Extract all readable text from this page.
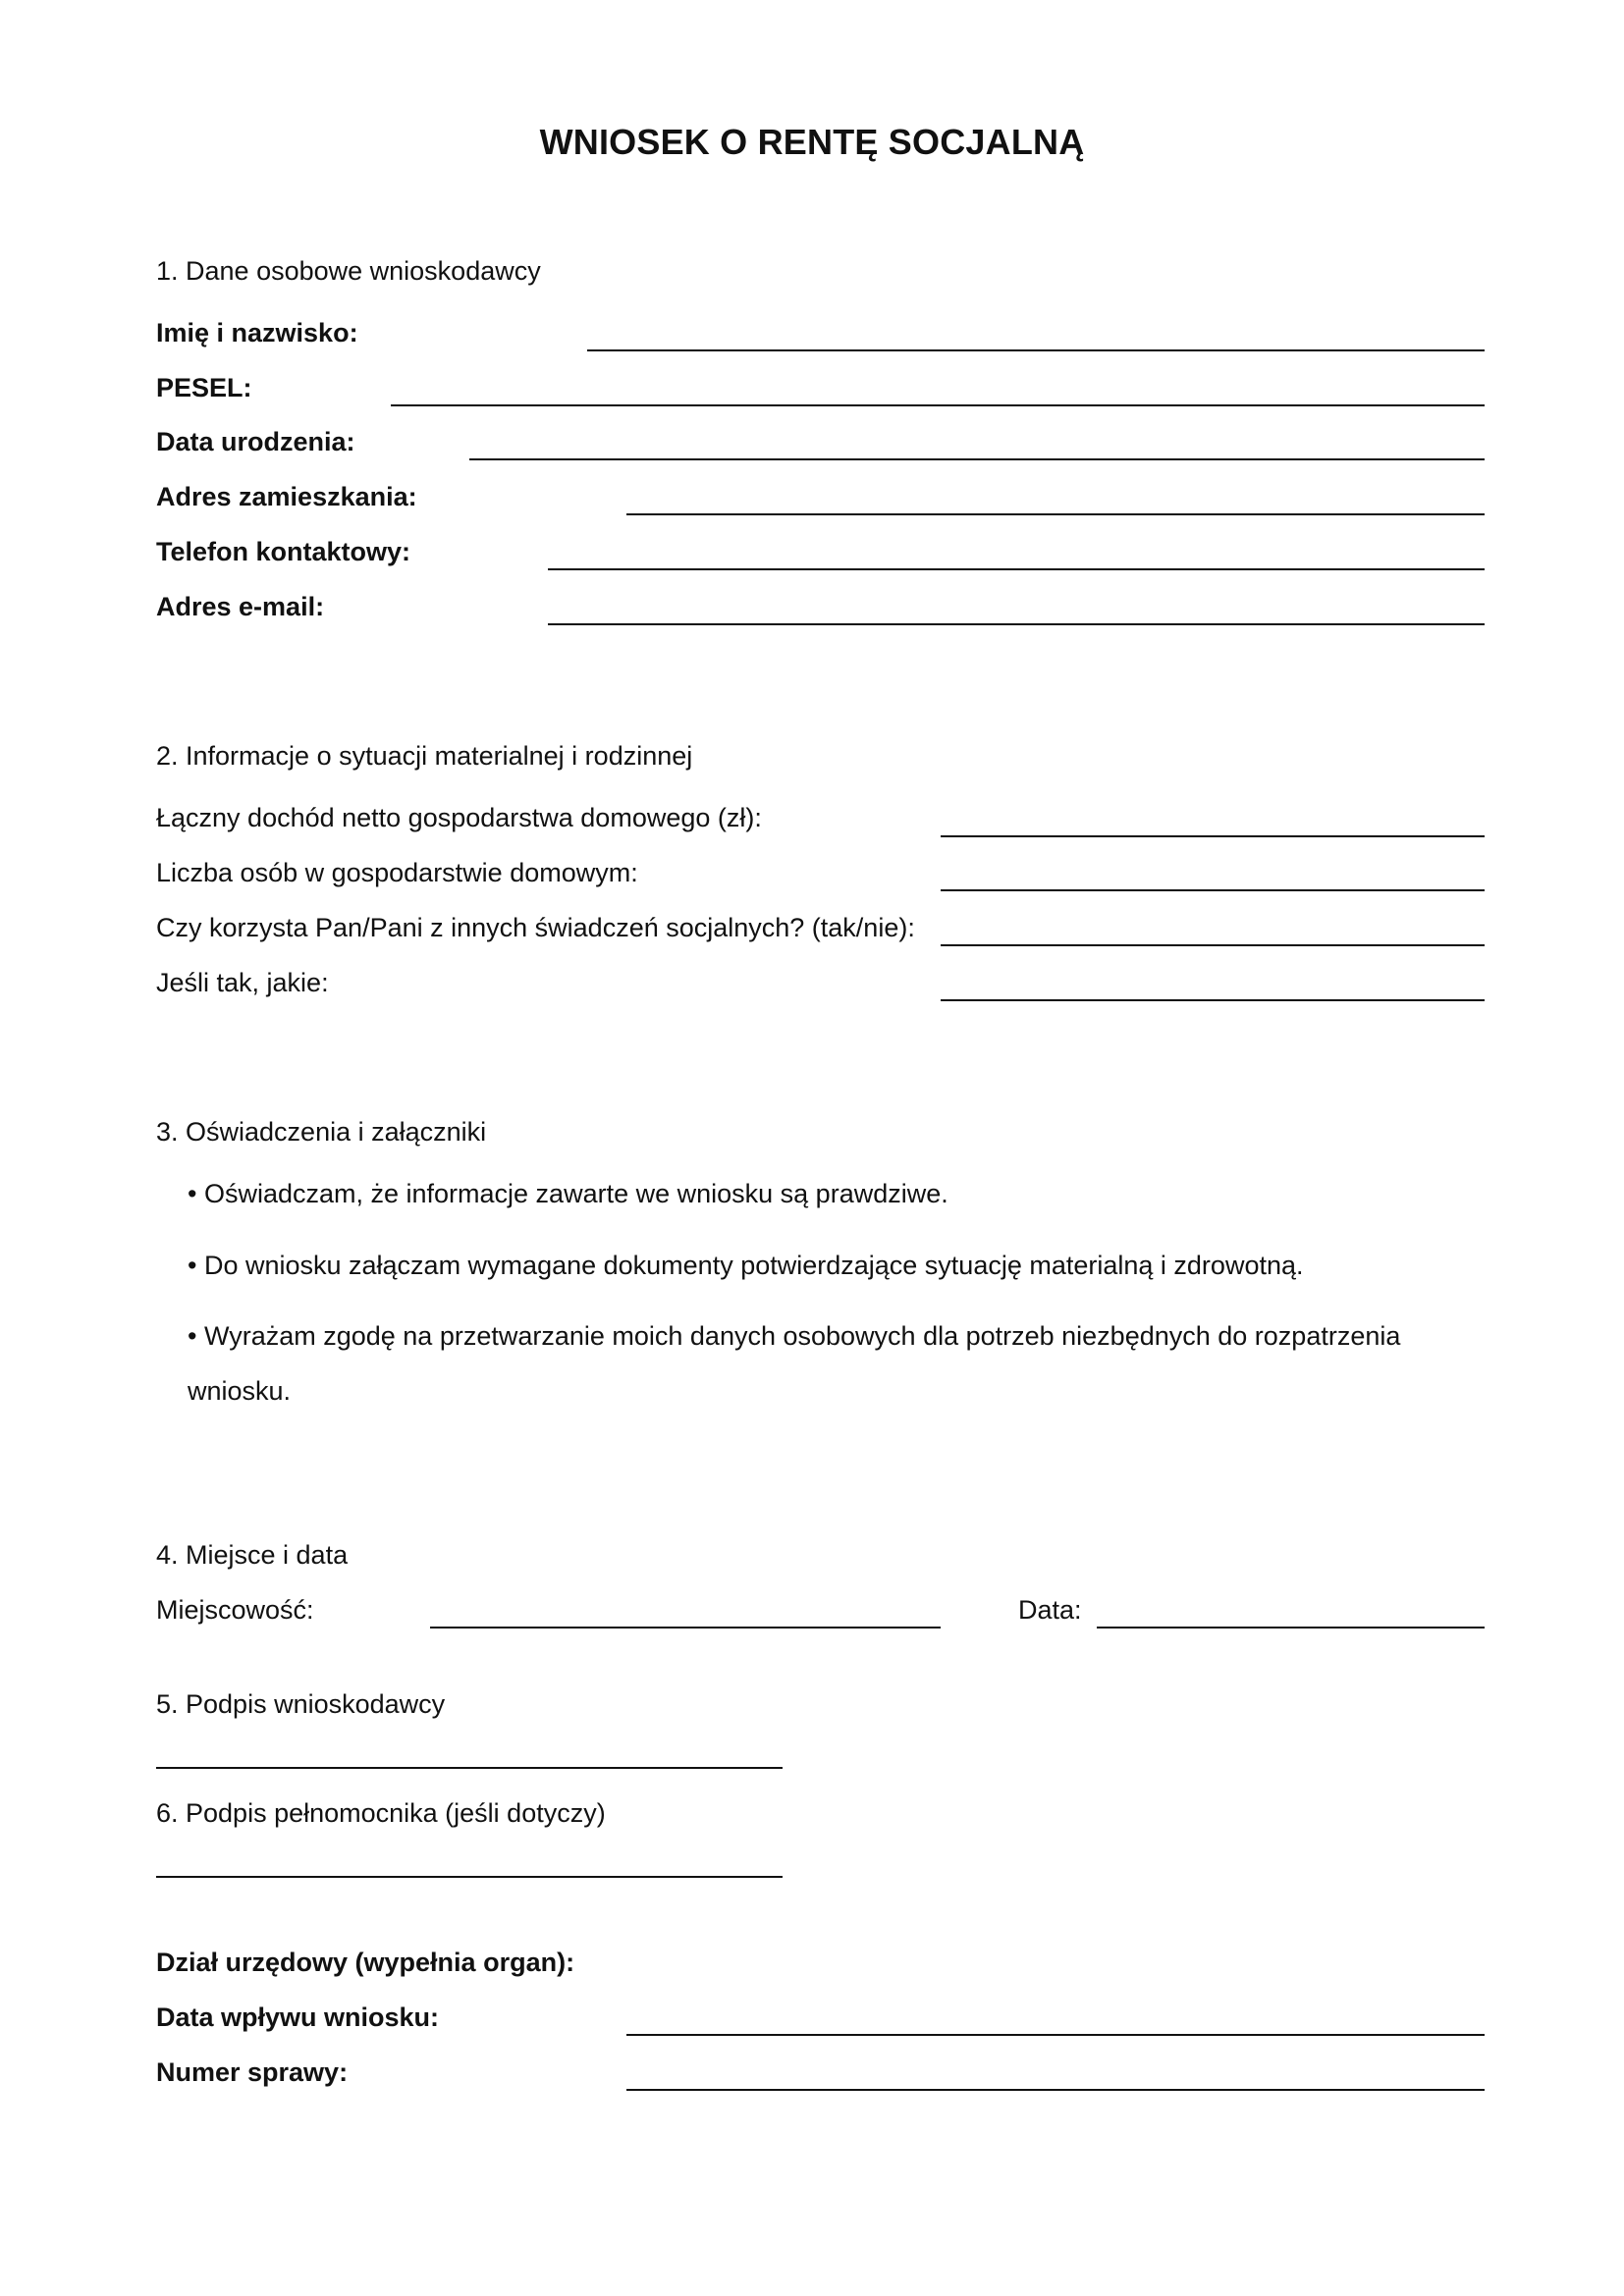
WNIOSEK O RENTĘ SOCJALNĄ
1. Dane osobowe wnioskodawcy
Imię i nazwisko:
PESEL:
Data urodzenia:
Adres zamieszkania:
Telefon kontaktowy:
Adres e-mail:
2. Informacje o sytuacji materialnej i rodzinnej
Łączny dochód netto gospodarstwa domowego (zł):
Liczba osób w gospodarstwie domowym:
Czy korzysta Pan/Pani z innych świadczeń socjalnych? (tak/nie):
Jeśli tak, jakie:
3. Oświadczenia i załączniki
• Oświadczam, że informacje zawarte we wniosku są prawdziwe.
• Do wniosku załączam wymagane dokumenty potwierdzające sytuację materialną i zdrowotną.
• Wyrażam zgodę na przetwarzanie moich danych osobowych dla potrzeb niezbędnych do rozpatrzenia
wniosku.
4. Miejsce i data
Miejscowość:	Data:
5. Podpis wnioskodawcy
6. Podpis pełnomocnika (jeśli dotyczy)
Dział urzędowy (wypełnia organ):
Data wpływu wniosku:
Numer sprawy:
